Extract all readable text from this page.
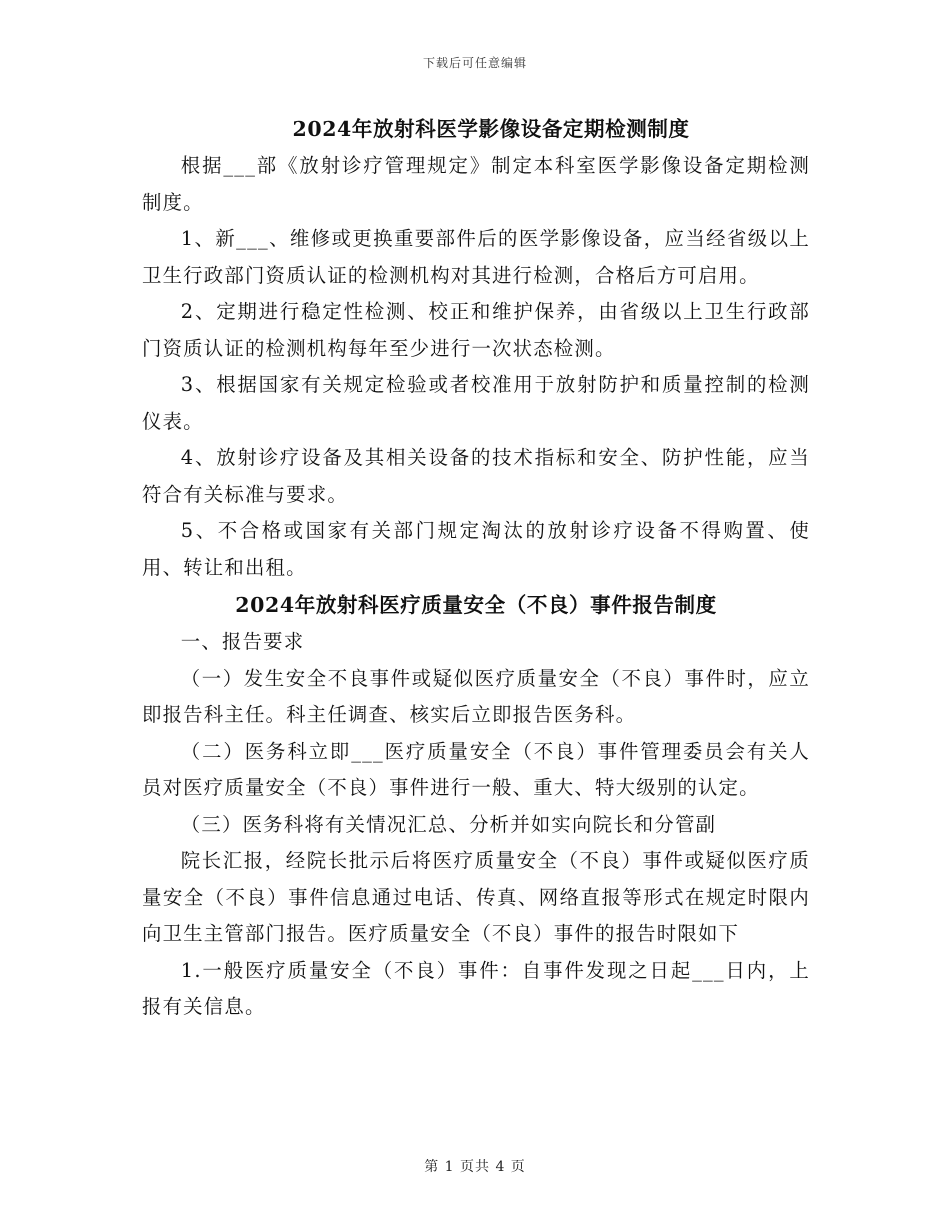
下载后可任意编辑
2024年放射科医学影像设备定期检测制度

根据___部《放射诊疗管理规定》制定本科室医学影像设备定期检测制度。

1、新___、维修或更换重要部件后的医学影像设备，应当经省级以上卫生行政部门资质认证的检测机构对其进行检测，合格后方可启用。

2、定期进行稳定性检测、校正和维护保养，由省级以上卫生行政部门资质认证的检测机构每年至少进行一次状态检测。

3、根据国家有关规定检验或者校准用于放射防护和质量控制的检测仪表。

4、放射诊疗设备及其相关设备的技术指标和安全、防护性能，应当符合有关标准与要求。

5、不合格或国家有关部门规定淘汰的放射诊疗设备不得购置、使用、转让和出租。

2024年放射科医疗质量安全（不良）事件报告制度

一、报告要求

（一）发生安全不良事件或疑似医疗质量安全（不良）事件时，应立即报告科主任。科主任调查、核实后立即报告医务科。

（二）医务科立即___医疗质量安全（不良）事件管理委员会有关人员对医疗质量安全（不良）事件进行一般、重大、特大级别的认定。

（三）医务科将有关情况汇总、分析并如实向院长和分管副

院长汇报，经院长批示后将医疗质量安全（不良）事件或疑似医疗质量安全（不良）事件信息通过电话、传真、网络直报等形式在规定时限内向卫生主管部门报告。医疗质量安全（不良）事件的报告时限如下

1.一般医疗质量安全（不良）事件：自事件发现之日起___日内，上报有关信息。

第 1 页共 4 页
